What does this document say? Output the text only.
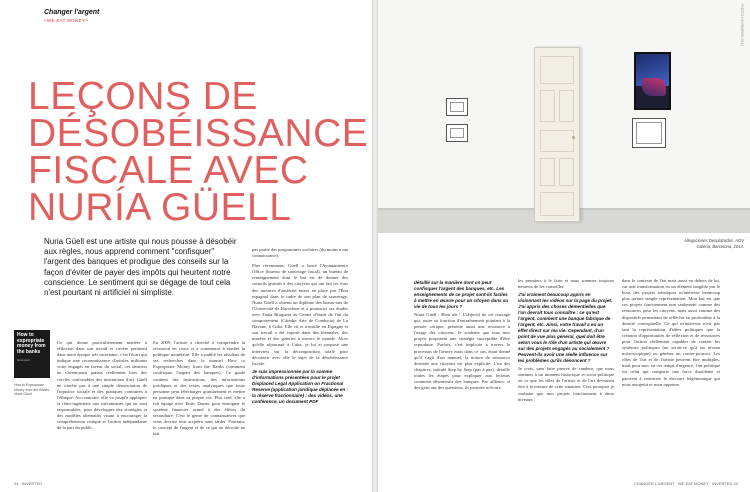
Changer l'argent
<WE EAT MONEY>
LEÇONS DE
DÉSOBÉISSANCE
FISCALE AVEC
NURÍA GÜELL
Nuria Güell est une artiste qui nous pousse à désobéir aux règles, nous apprend comment "confisquer" l'argent des banques et prodigue des conseils sur la façon d'éviter de payer des impôts qui heurtent notre conscience. Le sentiment qui se dégage de tout cela n'est pourtant ni artificiel ni simpliste.
How to expropriate money from the banks
Nuria Güell
How to Expropriate Money from the Banks, Nuria Güell.
Ce qui donne particulièrement matière à réflexion dans son travail et s'avère pertinent dans notre époque très incertaine, c'est l'écart qui indique une reconnaissance d'artistes militants votre engagés en faveur du social, ces derniers ne s'aventurant jamais réellement hors des cercles confortables des institutions d'art. Güell ne s'arrête pas à une simple dénonciation de l'injustice sociale et des pratiques contraires à l'éthique. Au contraire, elle va jusqu'à appliquer la rétro-ingénierie aux mécanismes qui en sont responsables, pour développer des stratégies et des modèles alternatifs visant à encourager la compréhension critique et l'action indépendante de la part du public.
En 2009, l'artiste a cherché à comprendre la récession en cours et a commencé à étudier la politique monétaire. Elle a publié les résultats de ses recherches dans le manuel How to Expropriate Money from the Banks (comment confisquer l'argent des banques). Ce guide contient des instructions, des informations juridiques et des textes analytiques que toute personne peut télécharger gratuitement et mettre en pratique dans sa propre vie. Plus tard, elle a fait équipe avec Enric Duran, pour enseigner le système financier actuel à des élèves du secondaire. C'est le genre de connaissances que vous devriez tous acquérir sans tarder. Pourtant, le concept de l'argent et de ce qui en découle ne fait
pas partie des programmes scolaires (du moins à ma connaissance).
Plus récemment, Güell a lancé l'Ayuntamiento Office (bureau de sauvetage fiscal), un bureau de renseignement dont le but est de donner des conseils gratuits à des citoyens qui ont fait les frais des mesures d'austérité mises en place par l'État espagnol dans le cadre de son plan de sauvetage. Nuria Güell a obtenu un diplôme des beaux-arts de l'Université de Barcelone et a poursuivi ses études avec Tania Bruguera au Centre d'étude de l'art du comportement (Cátedra Arte de Conducta) de La Havane, à Cuba. Elle vit et travaille en Espagne et son travail a été exposé dans des biennales, des musées et des galeries à travers le monde. Alors qu'elle séjournait à Cuba, je lui ai proposé une interview sur la décomposition totale pour découvrir avec elle le sujet de la désobéissance fiscale.
Je suis impressionnée par la somme d'informations présentées pour le projet Displaced Legal Application on Fractional Reserve (application juridique déplacée en : la réserve fractionnaire) : des vidéos, une conférence, un document PDF
44 · INVERTED
PHOTO NOVEMBRE 2014
Allegaciones Desplazadas. AOV Galeria, Barcelona, 2014.
détaillé sur la manière dont on peut confisquer l'argent des banques, etc. Les enseignements de ce projet sont-ils faciles à mettre en œuvre pour un citoyen dans sa vie de tous les jours ?
Nuria Güell : Bien sûr ! L'objectif de cet ouvrage qui, outre sa fonction d'entraînement pointant à la pensée critique, présente aussi une ressource à l'usage des citoyens. Je souhaite que tous mes projets proposent une stratégie susceptible d'être reproduite. Parfois, c'est implicite à travers le processus de l'œuvre mais dans ce cas, étant donné qu'il s'agit d'un manuel, la notion de ressource destinée aux citoyens est plus explicite. L'un des chapitres, intitulé Step by Step (pas à pas), détaille toutes les étapes pour expliquer aux lecteurs comment désinvestir des banques. Par ailleurs, si des gens ont des questions, ils peuvent m'écrire.
les premiers à le faire et nous sommes toujours heureux de les conseiller.
J'ai vraiment beaucoup appris en visionnant les vidéos sur la page du projet. J'ai appris des choses démentielles que l'on devrait tous connaître : ce qu'est l'argent, comment une banque fabrique de l'argent, etc. Ainsi, votre travail a eu un effet direct sur ma vie. Cependant, d'un point de vue plus général, quel doit être selon vous le rôle d'un artiste qui œuvre sur des projets engagés au socialement ? Peuvent-ils avoir une réelle influence sur les problèmes qu'ils dénoncent ?
Je crois, sans faire preuve de candeur, que nous sommes à un moment historique et socio-politique où ce que les rôles de l'artiste et de l'art devraient être à la mesure de cette situation. Ceci pourquoi je souhaite que mes projets fonctionnent à deux niveaux :
dans le contexte de l'art mais aussi en dehors de lui, car une transformation en un élément tangible par le biais des projets artistiques m'intéresse beaucoup plus qu'une simple représentation. Mon but est que ces projets fonctionnent non seulement comme des ressources pour les citoyens, mais aussi comme des dispositifs permettant de réfléchir en profondeur à la densité conceptuelle. Ce qui m'intéresse n'est pas tant la représentation d'idées politiques que la création d'opportunités de réflexion et de ressources pour l'action réellement capables de contrer les systèmes politiques (ne serait-ce qu'à un niveau microscopique) ou générer un contre-pouvoir. Les rôles de l'art et de l'artiste peuvent être multiples, mais pour moi, en ces temps d'urgence, l'art politique est celui qui comporte une force dissidente et parvient à renverser le discours hégémonique qui nous assujettit et nous opprime.
CHANGER L'ARGENT · WE EAT MONEY · INVERTED 45
